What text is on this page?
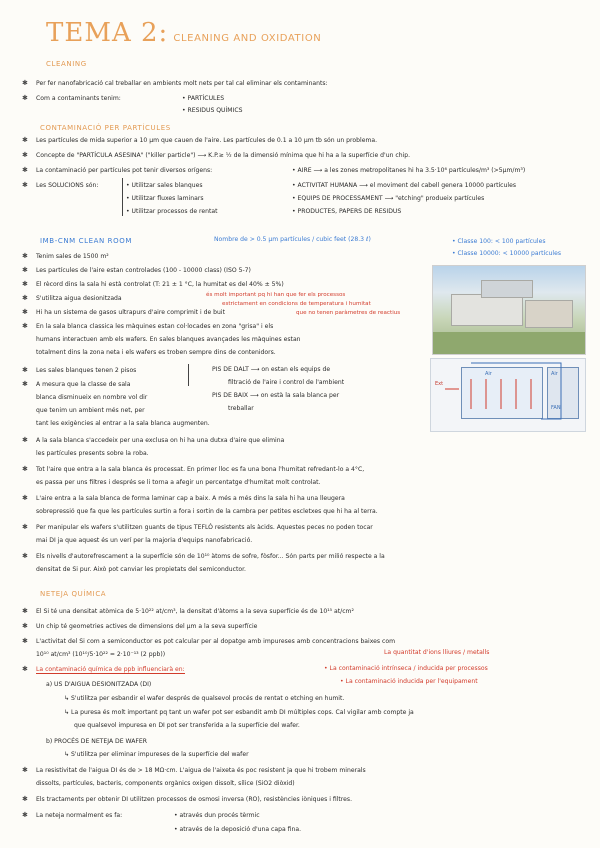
TEMA 2: CLEANING AND OXIDATION
CLEANING
✱ Per fer nanofabricació cal treballar en ambients molt nets per tal cal eliminar els contaminants:
✱ Com a contaminants tenim:	• PARTÍCULES
• RESIDUS QUÍMICS
CONTAMINACIÓ PER PARTÍCULES
✱ Les partícules de mida superior a 10 µm que cauen de l'aire. Les partícules de 0.1 a 10 µm tb són un problema.
✱ Concepte de "PARTÍCULA ASESINA" ("killer particle") ⟶ K.P.≥ ½ de la dimensió mínima que hi ha a la superfície d'un chip.
✱ La contaminació per partícules pot tenir diversos orígens:	• AIRE ⟶ a les zones metropolitanes hi ha 3.5·10⁶ partícules/m³ (>5µm/m³)
✱ Les SOLUCIONS són:	• Utilitzar sales blanques
• Utilitzar fluxes laminars
• Utilitzar processos de rentat
• ACTIVITAT HUMANA ⟶ el moviment del cabell genera 10000 partícules
• EQUIPS DE PROCESSAMENT ⟶ "etching" produeix partícules
• PRODUCTES, PAPERS DE RESIDUS
IMB-CNM CLEAN ROOM	Nombre de > 0.5 µm partícules / cubic feet (28.3 ℓ)	• Classe 100: < 100 partícules
• Classe 10000: < 10000 partícules
✱ Tenim sales de 1500 m²
✱ Les partícules de l'aire estan controlades (100 - 10000 class) (ISO 5-7)
✱ El rècord dins la sala hi està controlat (T: 21 ± 1 °C, la humitat es del 40% ± 5%)
és molt important pq hi han que fer els processos
✱ S'utilitza aigua desionitzada
estrictament en condicions de temperatura i humitat
✱ Hi ha un sistema de gasos ultrapurs d'aire comprimit i de buit	que no tenen paràmetres de reactius
✱ En la sala blanca classica les màquines estan col·locades en zona "grisa" i els
humans interactuen amb els wafers. En sales blanques avançades les màquines estan
totalment dins la zona neta i els wafers es troben sempre dins de contenidors.
✱ Les sales blanques tenen 2 pisos
✱ A mesura que la classe de sala
blanca disminueix en nombre vol dir
que tenim un ambient més net, per
tant les exigències al entrar a la sala blanca augmenten.
PIS DE DALT ⟶ on estan els equips de
filtració de l'aire i control de l'ambient
PIS DE BAIX ⟶ on està la sala blanca per
treballar
Ext
Air	Air
FAN
✱ A la sala blanca s'accedeix per una exclusa on hi ha una dutxa d'aire que elimina
les partícules presents sobre la roba.
✱ Tot l'aire que entra a la sala blanca és processat. En primer lloc es fa una bona l'humitat refredant-lo a 4°C,
es passa per uns filtres i després se li torna a afegir un percentatge d'humitat molt controlat.
✱ L'aire entra a la sala blanca de forma laminar cap a baix. A més a més dins la sala hi ha una lleugera
sobrepressió que fa que les partícules surtin a fora i sortin de la cambra per petites escletxes que hi ha al terra.
✱ Per manipular els wafers s'utilitzen guants de tipus TEFLÓ resistents als àcids. Aquestes peces no poden tocar
mai DI ja que aquest és un verí per la majoria d'equips nanofabricació.
✱ Els nivells d'autorefrescament a la superfície són de 10¹⁰ àtoms de sofre, fòsfor... Són parts per milió respecte a la
densitat de Si pur. Això pot canviar les propietats del semiconductor.
NETEJA QUÍMICA
✱ El Si té una densitat atòmica de 5·10²² at/cm³, la densitat d'àtoms a la seva superfície és de 10¹⁵ at/cm²
✱ Un chip té geometries actives de dimensions del µm a la seva superfície
✱ L'activitat del Si com a semiconductor es pot calcular per al dopatge amb impureses amb concentracions baixes com
10¹⁰ at/cm³ (10¹⁰/5·10²² = 2·10⁻¹³ (2 ppb))	La quantitat d'ions lliures / metalls
✱ La contaminació química de ppb influenciarà en:	• La contaminació intrínseca / inducida per processos
• La contaminació inducida per l'equipament
a) US D'AIGUA DESIONITZADA (DI)
↳ S'utilitza per esbandir el wafer després de qualsevol procés de rentat o etching en humit.
↳ La puresa és molt important pq tant un wafer pot ser esbandit amb DI múltiples cops. Cal vigilar amb compte ja
que qualsevol impuresa en DI pot ser transferida a la superfície del wafer.
b) PROCÉS DE NETEJA DE WAFER
↳ S'utilitza per eliminar impureses de la superfície del wafer
✱ La resistivitat de l'aigua DI és de > 18 MΩ·cm. L'aigua de l'aixeta és poc resistent ja que hi trobem minerals
dissolts, partícules, bacteris, components orgànics oxigen dissolt, sílice (SiO2 diòxid)
✱ Els tractaments per obtenir DI utilitzen processos de osmosi inversa (RO), resistències iòniques i filtres.
✱ La neteja normalment es fa:	• através dun procés tèrmic
• através de la deposició d'una capa fina.
